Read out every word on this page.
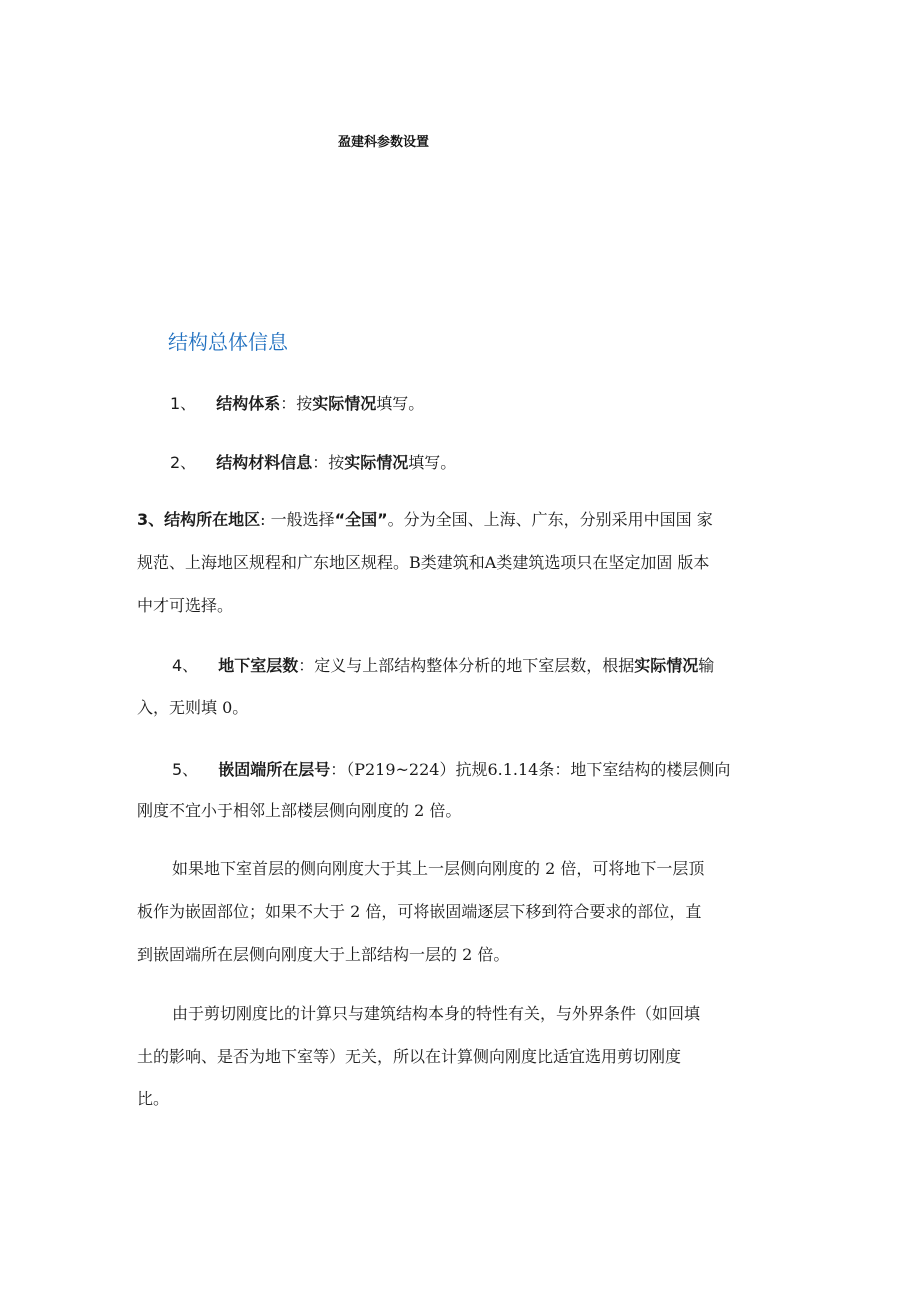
盈建科参数设置
结构总体信息
1、 结构体系：按实际情况填写。
2、 结构材料信息：按实际情况填写。
3、结构所在地区: 一般选择“全国”。分为全国、上海、广东，分别采用中国国 家
规范、上海地区规程和广东地区规程。B类建筑和A类建筑选项只在坚定加固 版本
中才可选择。
4、 地下室层数：定义与上部结构整体分析的地下室层数，根据实际情况输
入，无则填 0。
5、 嵌固端所在层号：（P219~224）抗规6.1.14条：地下室结构的楼层侧向
刚度不宜小于相邻上部楼层侧向刚度的 2 倍。
如果地下室首层的侧向刚度大于其上一层侧向刚度的 2 倍，可将地下一层顶
板作为嵌固部位；如果不大于 2 倍，可将嵌固端逐层下移到符合要求的部位，直
到嵌固端所在层侧向刚度大于上部结构一层的 2 倍。
由于剪切刚度比的计算只与建筑结构本身的特性有关，与外界条件（如回填
土的影响、是否为地下室等）无关，所以在计算侧向刚度比适宜选用剪切刚度
比。
